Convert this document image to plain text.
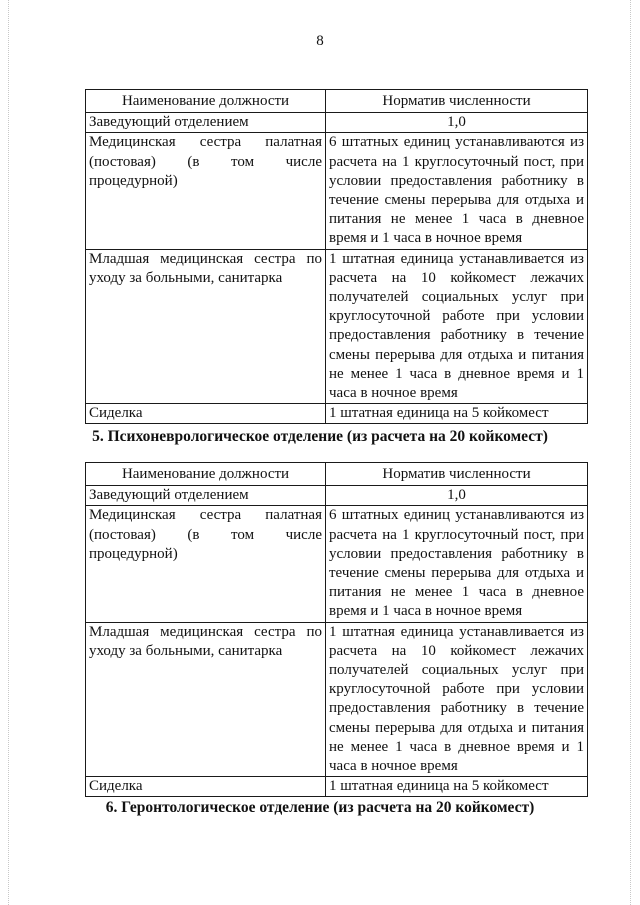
8
Наименование должности	Норматив численности
Заведующий отделением	1,0
Медицинская сестра палатная (постовая) (в том числе процедурной)	6 штатных единиц устанавливаются из расчета на 1 круглосуточный пост, при условии предоставления работнику в течение смены перерыва для отдыха и питания не менее 1 часа в дневное время и 1 часа в ночное время
Младшая медицинская сестра по уходу за больными, санитарка	1 штатная единица устанавливается из расчета на 10 койкомест лежачих получателей социальных услуг при круглосуточной работе при условии предоставления работнику в течение смены перерыва для отдыха и питания не менее 1 часа в дневное время и 1 часа в ночное время
Сиделка	1 штатная единица на 5 койкомест
5. Психоневрологическое отделение (из расчета на 20 койкомест)
Наименование должности	Норматив численности
Заведующий отделением	1,0
Медицинская сестра палатная (постовая) (в том числе процедурной)	6 штатных единиц устанавливаются из расчета на 1 круглосуточный пост, при условии предоставления работнику в течение смены перерыва для отдыха и питания не менее 1 часа в дневное время и 1 часа в ночное время
Младшая медицинская сестра по уходу за больными, санитарка	1 штатная единица устанавливается из расчета на 10 койкомест лежачих получателей социальных услуг при круглосуточной работе при условии предоставления работнику в течение смены перерыва для отдыха и питания не менее 1 часа в дневное время и 1 часа в ночное время
Сиделка	1 штатная единица на 5 койкомест
6. Геронтологическое отделение (из расчета на 20 койкомест)
